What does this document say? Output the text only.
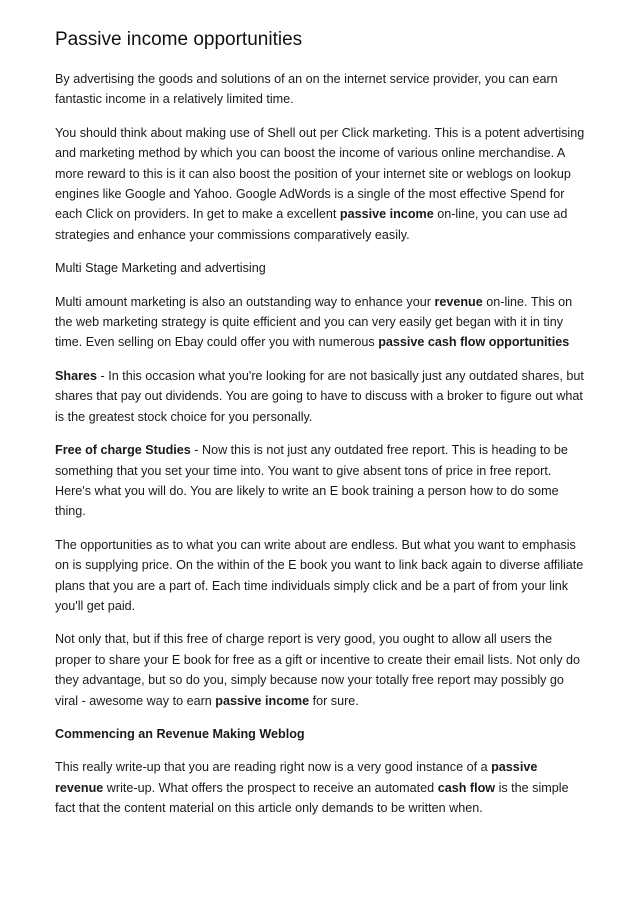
Passive income opportunities

By advertising the goods and solutions of an on the internet service provider, you can earn fantastic income in a relatively limited time.

You should think about making use of Shell out per Click marketing. This is a potent advertising and marketing method by which you can boost the income of various online merchandise. A more reward to this is it can also boost the position of your internet site or weblogs on lookup engines like Google and Yahoo. Google AdWords is a single of the most effective Spend for each Click on providers. In get to make a excellent passive income on-line, you can use ad strategies and enhance your commissions comparatively easily.

Multi Stage Marketing and advertising

Multi amount marketing is also an outstanding way to enhance your revenue on-line. This on the web marketing strategy is quite efficient and you can very easily get began with it in tiny time. Even selling on Ebay could offer you with numerous passive cash flow opportunities

Shares - In this occasion what you're looking for are not basically just any outdated shares, but shares that pay out dividends. You are going to have to discuss with a broker to figure out what is the greatest stock choice for you personally.

Free of charge Studies - Now this is not just any outdated free report. This is heading to be something that you set your time into. You want to give absent tons of price in free report. Here's what you will do. You are likely to write an E book training a person how to do some thing.

The opportunities as to what you can write about are endless. But what you want to emphasis on is supplying price. On the within of the E book you want to link back again to diverse affiliate plans that you are a part of. Each time individuals simply click and be a part of from your link you'll get paid.

Not only that, but if this free of charge report is very good, you ought to allow all users the proper to share your E book for free as a gift or incentive to create their email lists. Not only do they advantage, but so do you, simply because now your totally free report may possibly go viral - awesome way to earn passive income for sure.

Commencing an Revenue Making Weblog

This really write-up that you are reading right now is a very good instance of a passive revenue write-up. What offers the prospect to receive an automated cash flow is the simple fact that the content material on this article only demands to be written when.
